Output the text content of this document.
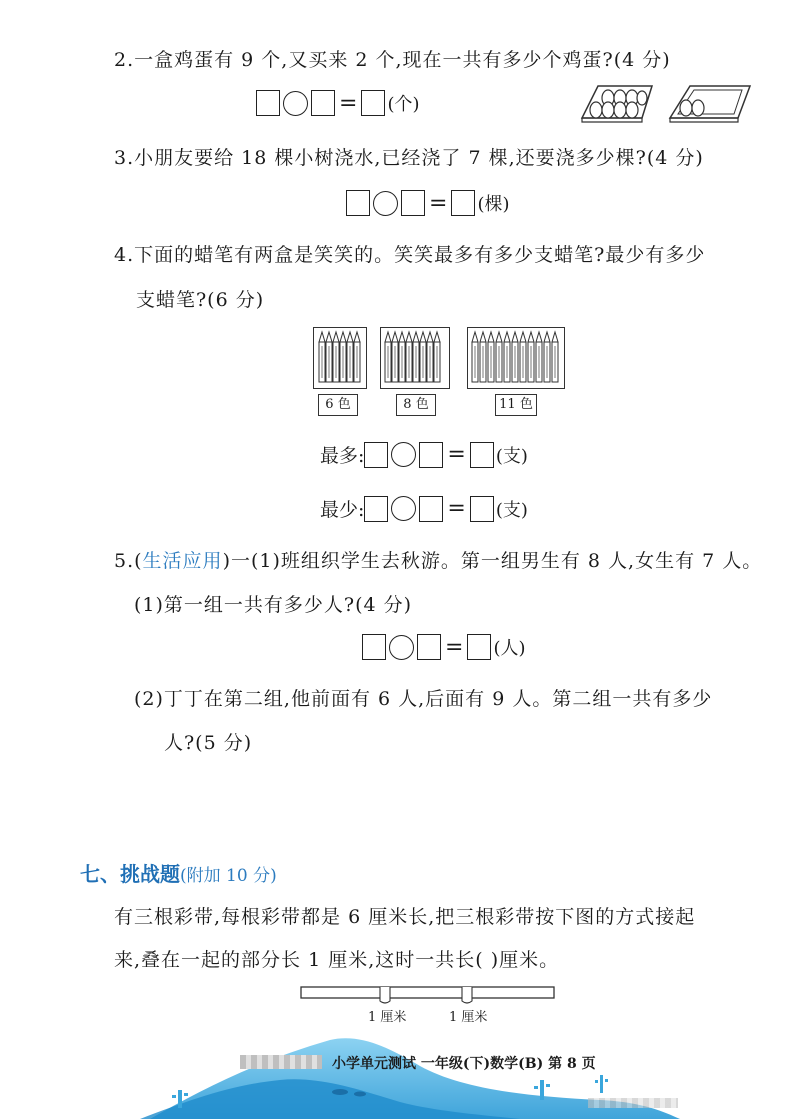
2.一盒鸡蛋有 9 个,又买来 2 个,现在一共有多少个鸡蛋?(4 分)
= (个)
3.小朋友要给 18 棵小树浇水,已经浇了 7 棵,还要浇多少棵?(4 分)
= (棵)
4.下面的蜡笔有两盒是笑笑的。笑笑最多有多少支蜡笔?最少有多少
支蜡笔?(6 分)
6 色	8 色	11 色
最多:	= (支)
最少:	= (支)
5.(生活应用)一(1)班组织学生去秋游。第一组男生有 8 人,女生有 7 人。
(1)第一组一共有多少人?(4 分)
= (人)
(2)丁丁在第二组,他前面有 6 人,后面有 9 人。第二组一共有多少
人?(5 分)
七、挑战题(附加 10 分)
有三根彩带,每根彩带都是 6 厘米长,把三根彩带按下图的方式接起
来,叠在一起的部分长 1 厘米,这时一共长( )厘米。
1 厘米	1 厘米
小学单元测试 一年级(下)数学(B) 第 8 页
